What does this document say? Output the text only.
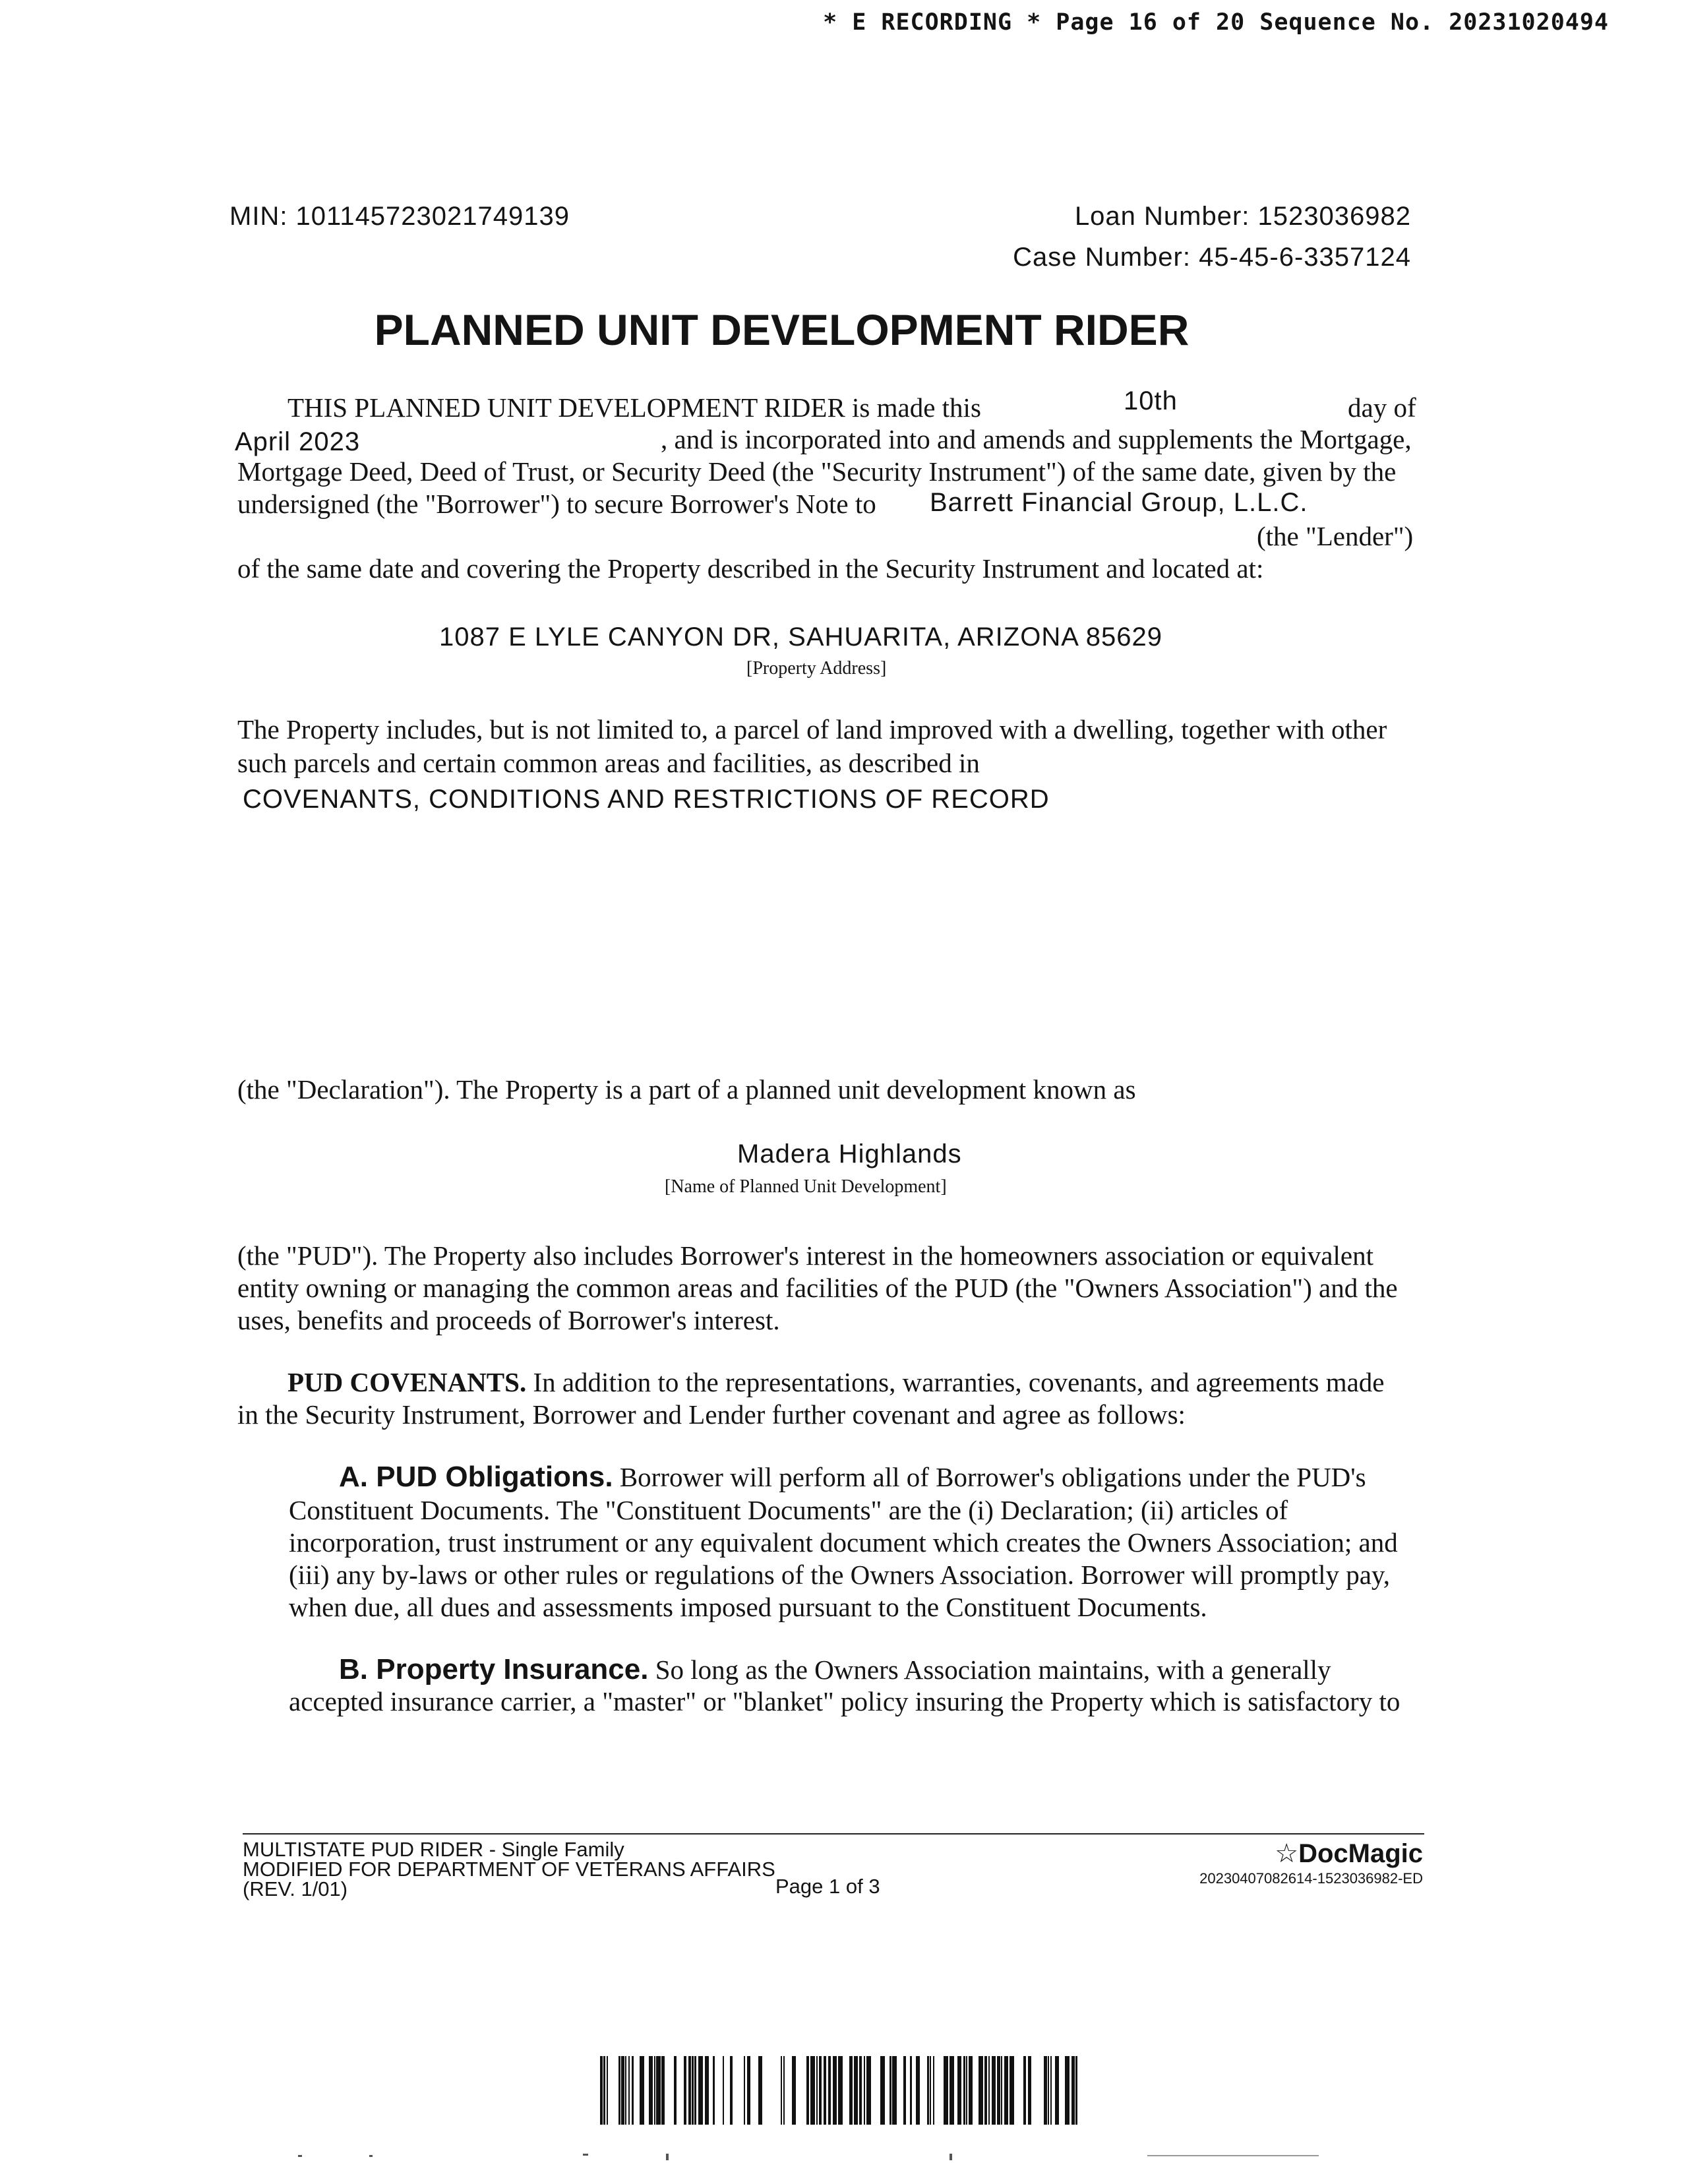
* E RECORDING * Page 16 of 20 Sequence No. 20231020494
MIN: 101145723021749139	Loan Number: 1523036982
Case Number: 45-45-6-3357124
PLANNED UNIT DEVELOPMENT RIDER
THIS PLANNED UNIT DEVELOPMENT RIDER is made this	10th	day of
April 2023	, and is incorporated into and amends and supplements the Mortgage,
Mortgage Deed, Deed of Trust, or Security Deed (the "Security Instrument") of the same date, given by the
undersigned (the "Borrower") to secure Borrower's Note to Barrett Financial Group, L.L.C.
(the "Lender")
of the same date and covering the Property described in the Security Instrument and located at:
1087 E LYLE CANYON DR, SAHUARITA, ARIZONA 85629
[Property Address]
The Property includes, but is not limited to, a parcel of land improved with a dwelling, together with other
such parcels and certain common areas and facilities, as described in
COVENANTS, CONDITIONS AND RESTRICTIONS OF RECORD
(the "Declaration"). The Property is a part of a planned unit development known as
Madera Highlands
[Name of Planned Unit Development]
(the "PUD"). The Property also includes Borrower's interest in the homeowners association or equivalent
entity owning or managing the common areas and facilities of the PUD (the "Owners Association") and the
uses, benefits and proceeds of Borrower's interest.
PUD COVENANTS. In addition to the representations, warranties, covenants, and agreements made
in the Security Instrument, Borrower and Lender further covenant and agree as follows:
A. PUD Obligations. Borrower will perform all of Borrower's obligations under the PUD's
Constituent Documents. The "Constituent Documents" are the (i) Declaration; (ii) articles of
incorporation, trust instrument or any equivalent document which creates the Owners Association; and
(iii) any by-laws or other rules or regulations of the Owners Association. Borrower will promptly pay,
when due, all dues and assessments imposed pursuant to the Constituent Documents.
B. Property Insurance. So long as the Owners Association maintains, with a generally
accepted insurance carrier, a "master" or "blanket" policy insuring the Property which is satisfactory to
MULTISTATE PUD RIDER - Single Family
MODIFIED FOR DEPARTMENT OF VETERANS AFFAIRS
(REV. 1/01)	Page 1 of 3
☆DocMagic
20230407082614-1523036982-ED
